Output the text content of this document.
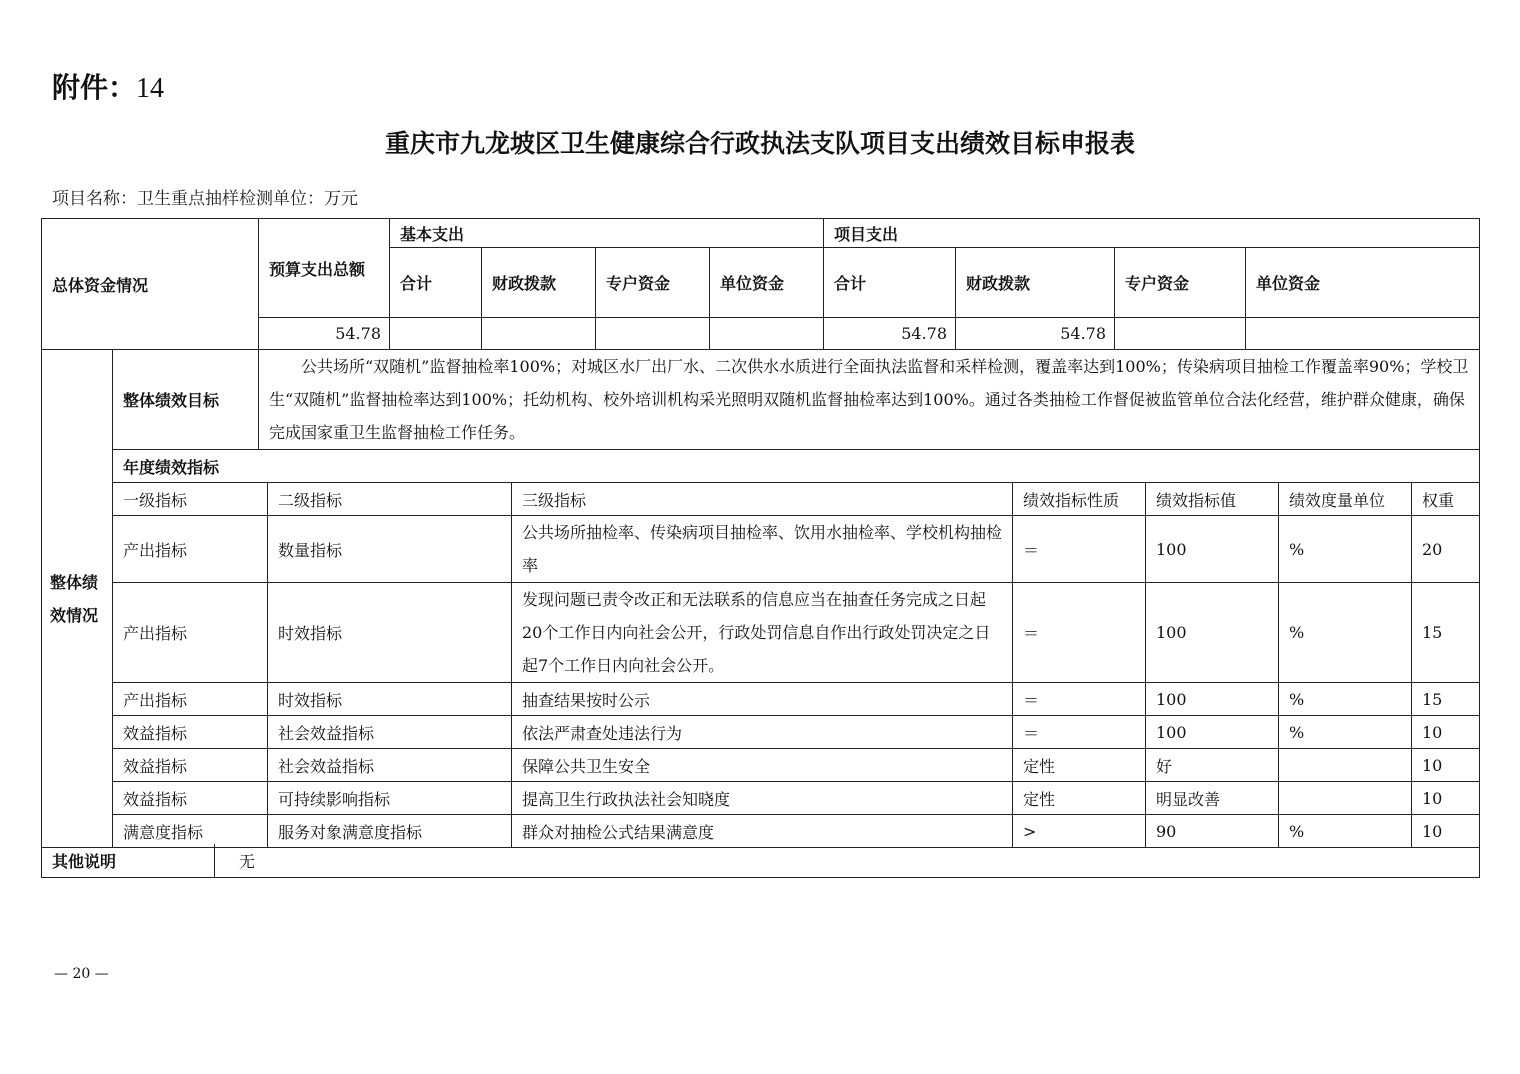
附件：14
重庆市九龙坡区卫生健康综合行政执法支队项目支出绩效目标申报表
项目名称：卫生重点抽样检测单位：万元
总体资金情况	预算支出总额	基本支出				项目支出			
		合计	财政拨款	专户资金	单位资金	合计	财政拨款	专户资金	单位资金
	54.78					54.78	54.78		
整体绩效情况	整体绩效目标	公共场所“双随机”监督抽检率100%；对城区水厂出厂水、二次供水水质进行全面执法监督和采样检测，覆盖率达到100%；传染病项目抽检工作覆盖率90%；学校卫生“双随机”监督抽检率达到100%；托幼机构、校外培训机构采光照明双随机监督抽检率达到100%。通过各类抽检工作督促被监管单位合法化经营，维护群众健康，确保完成国家重卫生监督抽检工作任务。						
	年度绩效指标							
	一级指标		二级指标	三级指标	绩效指标性质	绩效指标值	绩效度量单位	权重
	产出指标		数量指标	公共场所抽检率、传染病项目抽检率、饮用水抽检率、学校机构抽检率	＝	100	%	20
	产出指标		时效指标	发现问题已责令改正和无法联系的信息应当在抽查任务完成之日起20个工作日内向社会公开，行政处罚信息自作出行政处罚决定之日起7个工作日内向社会公开。	＝	100	%	15
	产出指标		时效指标	抽查结果按时公示	＝	100	%	15
	效益指标		社会效益指标	依法严肃查处违法行为	＝	100	%	10
	效益指标		社会效益指标	保障公共卫生安全	定性	好		10
	效益指标		可持续影响指标	提高卫生行政执法社会知晓度	定性	明显改善		10
	满意度指标		服务对象满意度指标	群众对抽检公式结果满意度	>	90	%	10
其他说明	无
— 20 —
